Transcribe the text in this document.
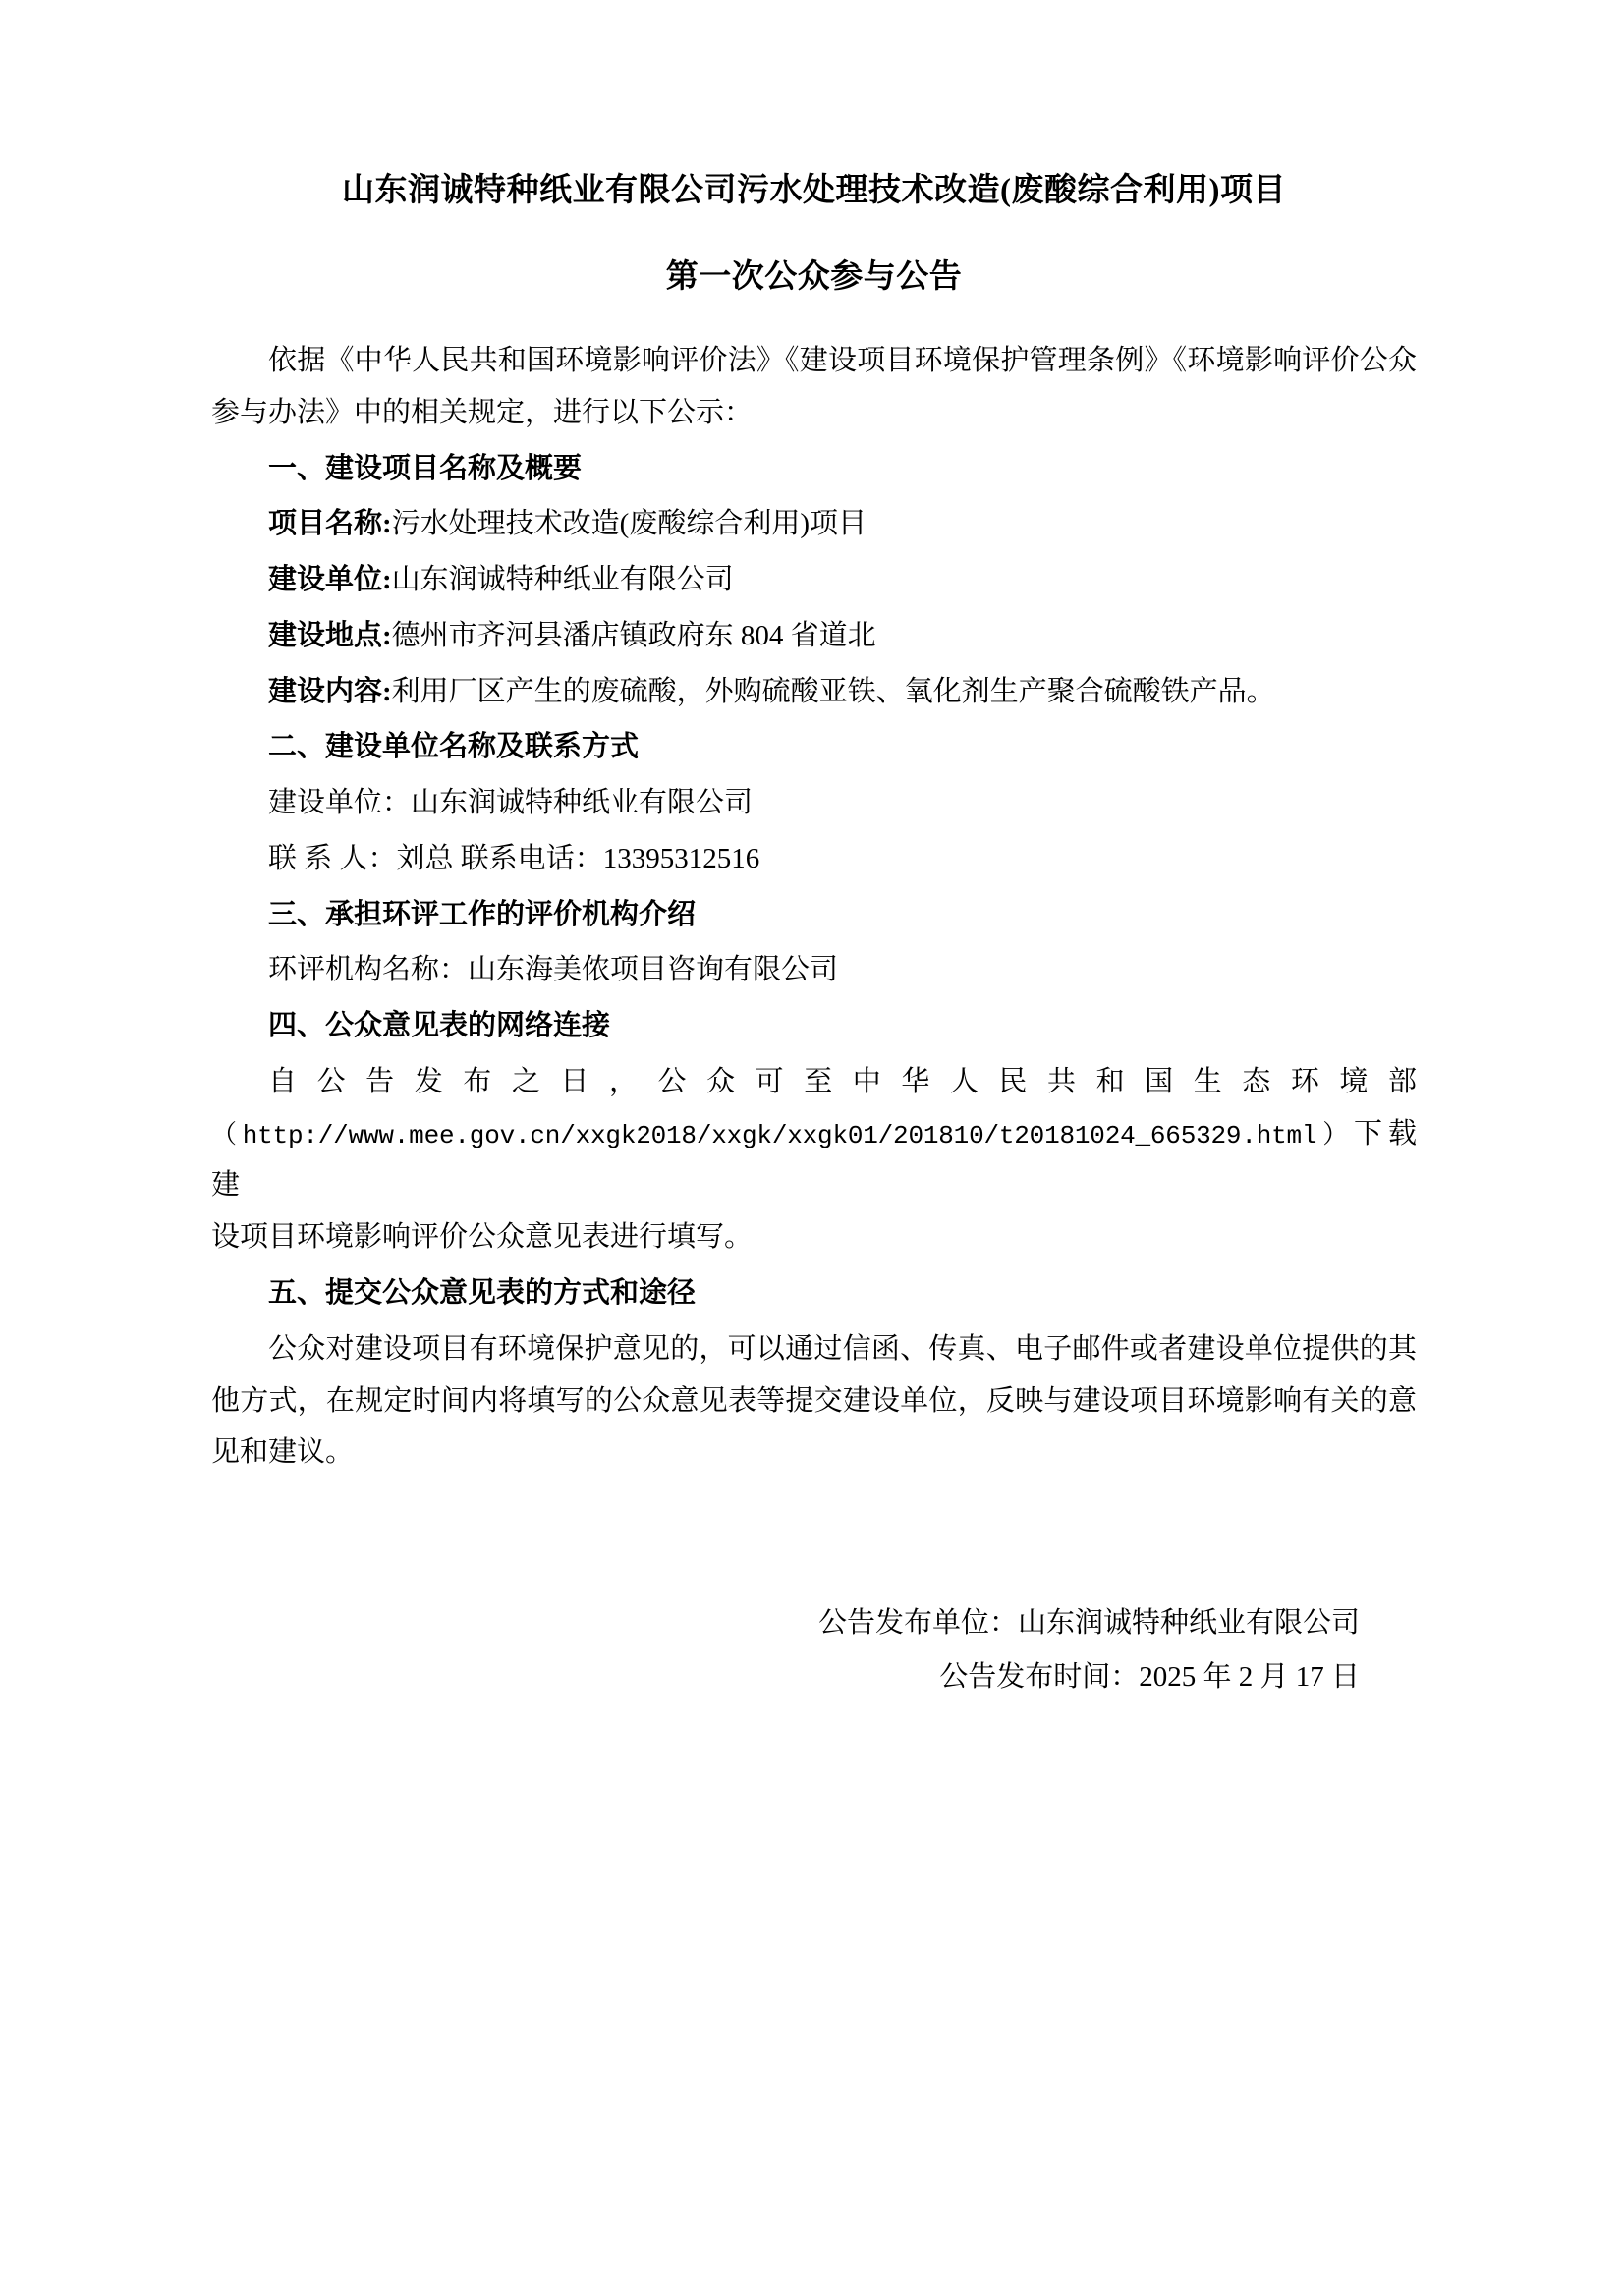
山东润诚特种纸业有限公司污水处理技术改造(废酸综合利用)项目
第一次公众参与公告

依据《中华人民共和国环境影响评价法》《建设项目环境保护管理条例》《环境影响评价公众参与办法》中的相关规定，进行以下公示：

一、建设项目名称及概要
项目名称:污水处理技术改造(废酸综合利用)项目
建设单位:山东润诚特种纸业有限公司
建设地点:德州市齐河县潘店镇政府东 804 省道北
建设内容:利用厂区产生的废硫酸，外购硫酸亚铁、氧化剂生产聚合硫酸铁产品。
二、建设单位名称及联系方式
建设单位：山东润诚特种纸业有限公司
联 系 人：刘总 联系电话：13395312516
三、承担环评工作的评价机构介绍
环评机构名称：山东海美侬项目咨询有限公司
四、公众意见表的网络连接
自 公 告 发 布 之 日 ， 公 众 可 至 中 华 人 民 共 和 国 生 态 环 境 部

（http://www.mee.gov.cn/xxgk2018/xxgk/xxgk01/201810/t20181024_665329.html）下载建

设项目环境影响评价公众意见表进行填写。

五、提交公众意见表的方式和途径

公众对建设项目有环境保护意见的，可以通过信函、传真、电子邮件或者建设单位提供的其他方式，在规定时间内将填写的公众意见表等提交建设单位，反映与建设项目环境影响有关的意见和建议。

公告发布单位：山东润诚特种纸业有限公司
公告发布时间：2025 年 2 月 17 日
